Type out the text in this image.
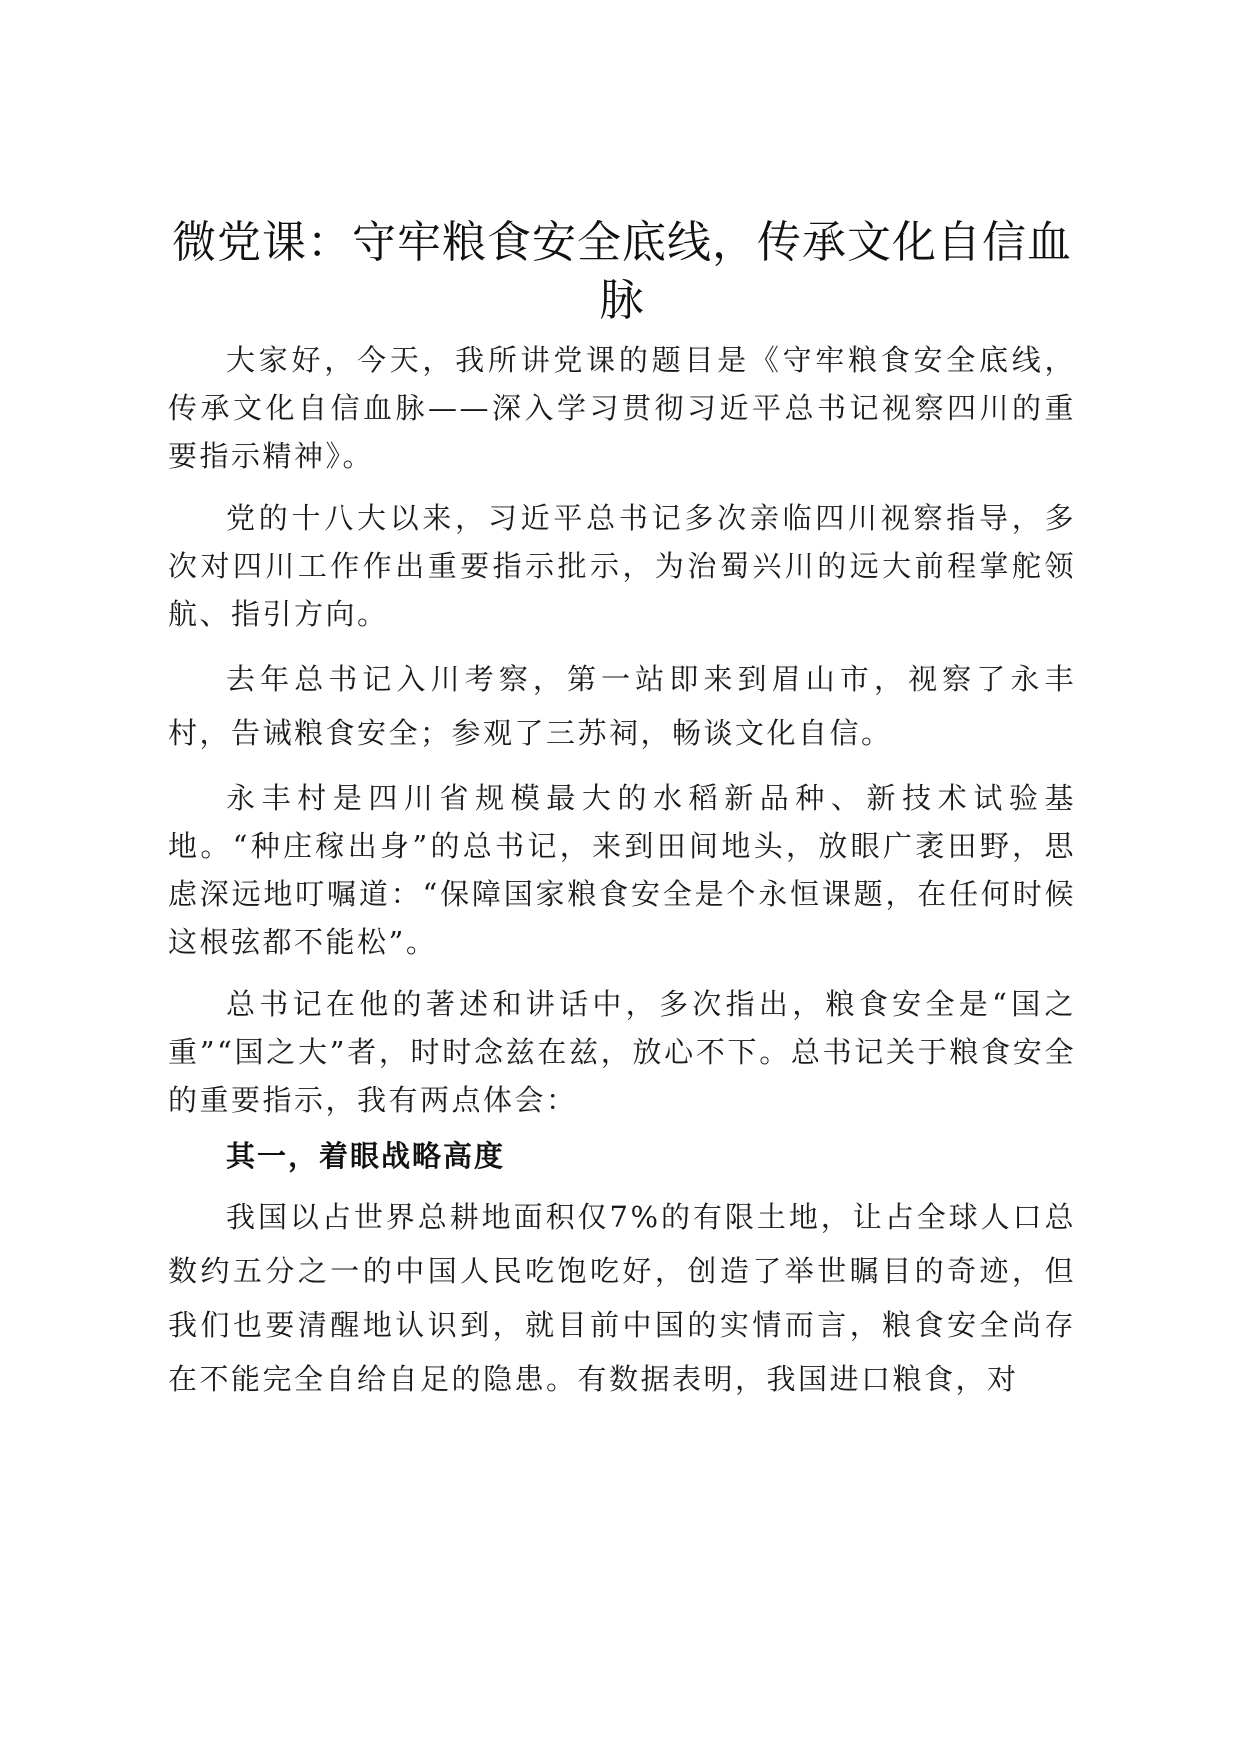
微党课：守牢粮食安全底线，传承文化自信血脉

大家好，今天，我所讲党课的题目是《守牢粮食安全底线，传承文化自信血脉——深入学习贯彻习近平总书记视察四川的重要指示精神》。

党的十八大以来，习近平总书记多次亲临四川视察指导，多次对四川工作作出重要指示批示，为治蜀兴川的远大前程掌舵领航、指引方向。

去年总书记入川考察，第一站即来到眉山市，视察了永丰村，告诫粮食安全；参观了三苏祠，畅谈文化自信。

永丰村是四川省规模最大的水稻新品种、新技术试验基地。“种庄稼出身”的总书记，来到田间地头，放眼广袤田野，思虑深远地叮嘱道：“保障国家粮食安全是个永恒课题，在任何时候这根弦都不能松”。

总书记在他的著述和讲话中，多次指出，粮食安全是“国之重”“国之大”者，时时念兹在兹，放心不下。总书记关于粮食安全的重要指示，我有两点体会：

其一，着眼战略高度

我国以占世界总耕地面积仅7%的有限土地，让占全球人口总数约五分之一的中国人民吃饱吃好，创造了举世瞩目的奇迹，但我们也要清醒地认识到，就目前中国的实情而言，粮食安全尚存在不能完全自给自足的隐患。有数据表明，我国进口粮食，对
